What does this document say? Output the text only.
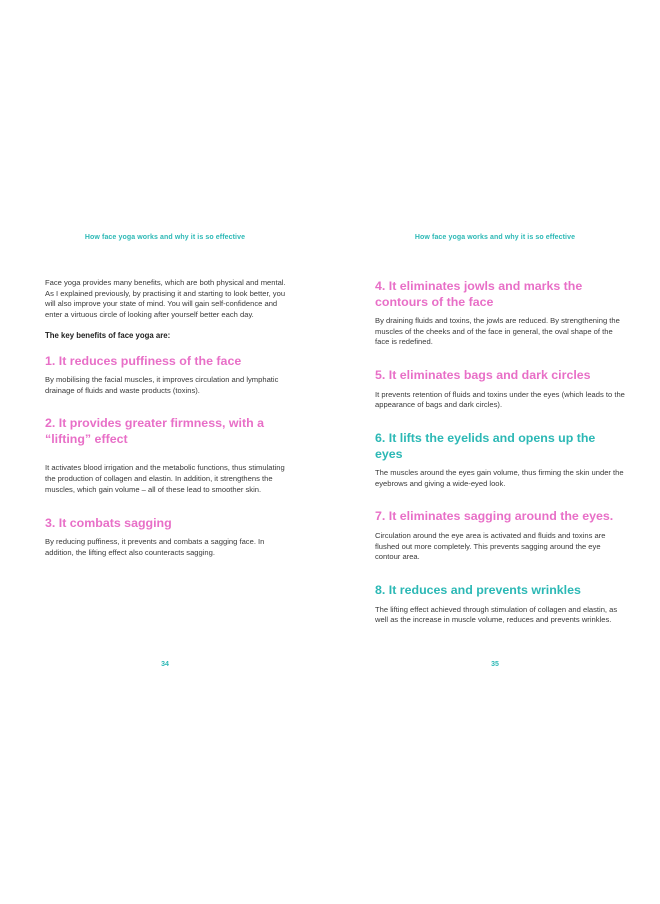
How face yoga works and why it is so effective

Face yoga provides many benefits, which are both physical and mental. As I explained previously, by practising it and starting to look better, you will also improve your state of mind. You will gain self-confidence and enter a virtuous circle of looking after yourself better each day.

The key benefits of face yoga are:

1. It reduces puffiness of the face

By mobilising the facial muscles, it improves circulation and lymphatic drainage of fluids and waste products (toxins).

2. It provides greater firmness, with a “lifting” effect

It activates blood irrigation and the metabolic functions, thus stimulating the production of collagen and elastin. In addition, it strengthens the muscles, which gain volume – all of these lead to smoother skin.

3. It combats sagging

By reducing puffiness, it prevents and combats a sagging face. In addition, the lifting effect also counteracts sagging.

34
How face yoga works and why it is so effective
4. It eliminates jowls and marks the contours of the face

By draining fluids and toxins, the jowls are reduced. By strengthening the muscles of the cheeks and of the face in general, the oval shape of the face is redefined.

5. It eliminates bags and dark circles

It prevents retention of fluids and toxins under the eyes (which leads to the appearance of bags and dark circles).

6. It lifts the eyelids and opens up the eyes

The muscles around the eyes gain volume, thus firming the skin under the eyebrows and giving a wide-eyed look.

7. It eliminates sagging around the eyes.

Circulation around the eye area is activated and fluids and toxins are flushed out more completely. This prevents sagging around the eye contour area.

8. It reduces and prevents wrinkles

The lifting effect achieved through stimulation of collagen and elastin, as well as the increase in muscle volume, reduces and prevents wrinkles.

35
